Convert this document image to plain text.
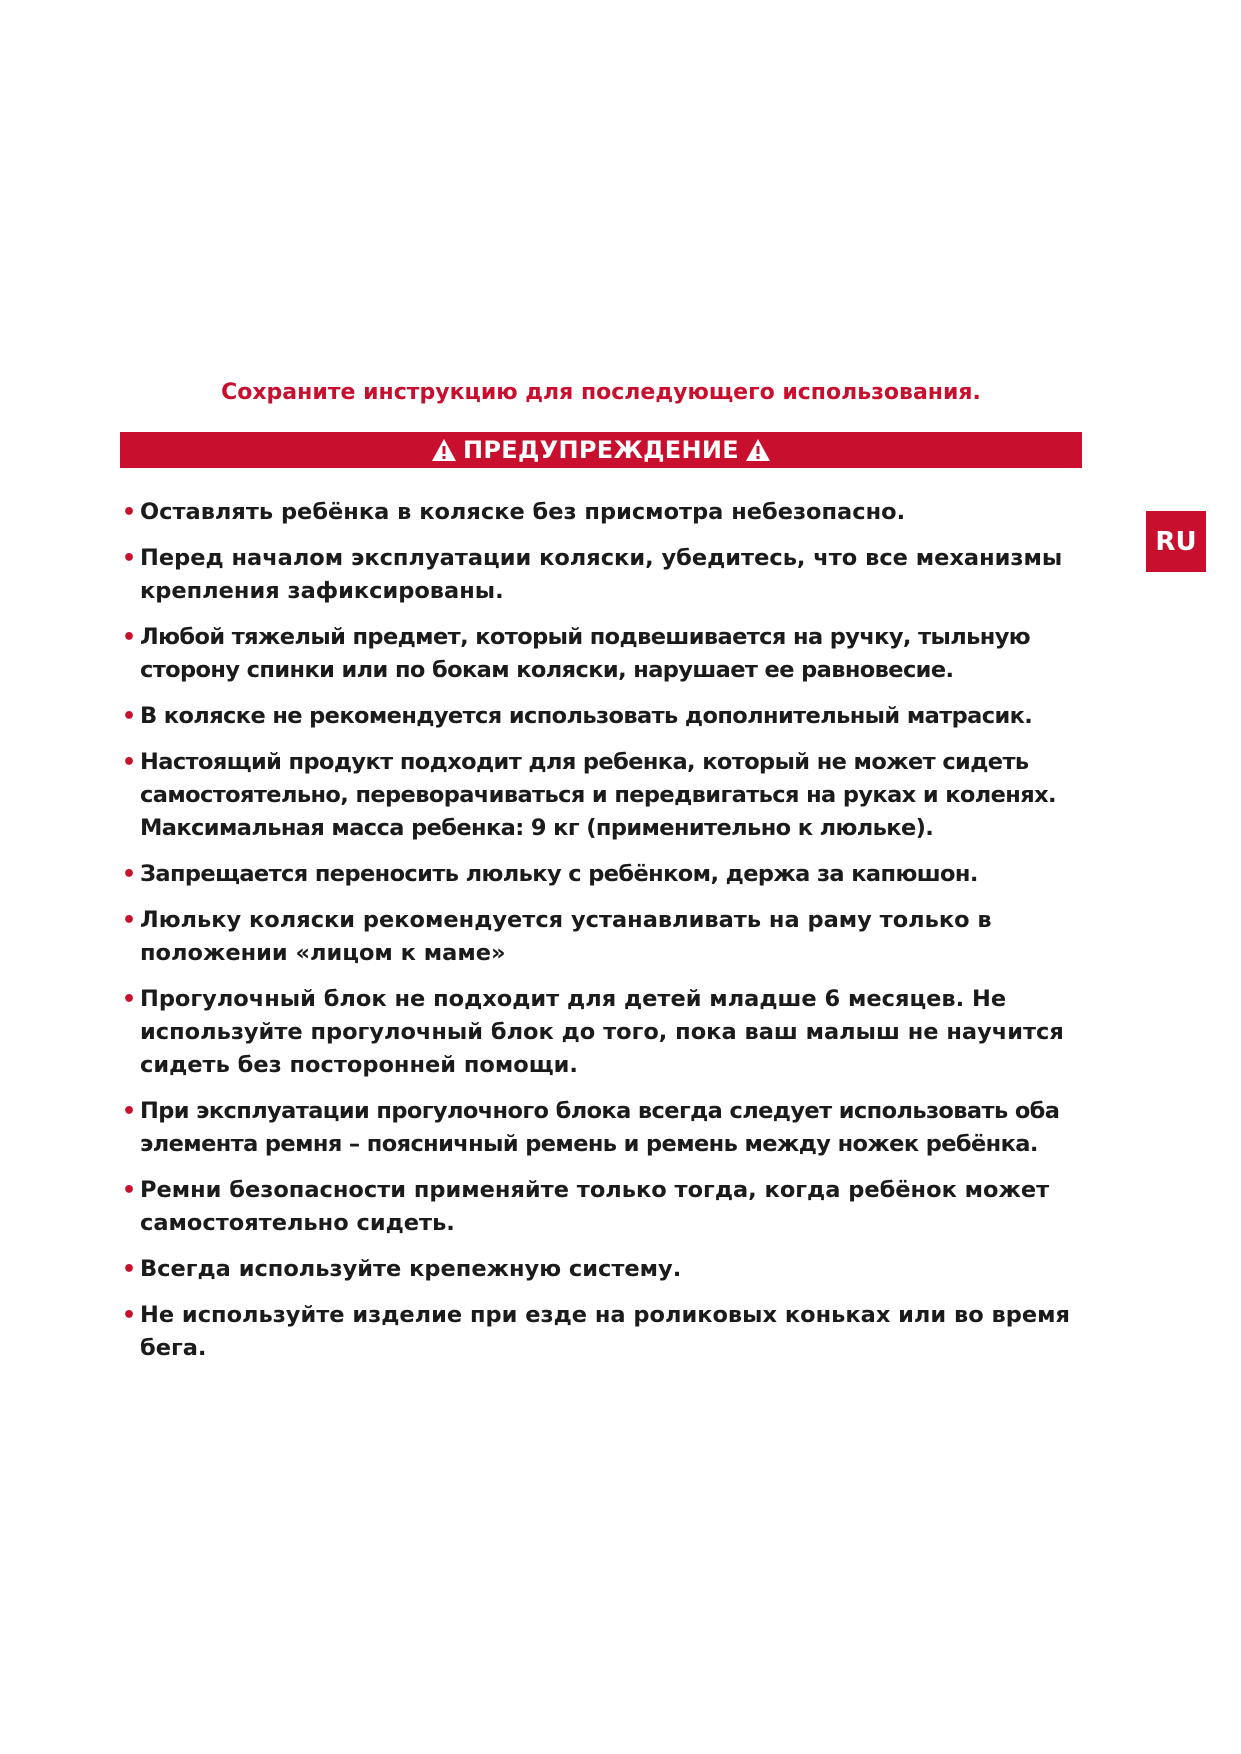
Сохраните инструкцию для последующего использования.
ПРЕДУПРЕЖДЕНИЕ
RU
• Оставлять ребёнка в коляске без присмотра небезопасно.
• Перед началом эксплуатации коляски, убедитесь, что все механизмы крепления зафиксированы.
• Любой тяжелый предмет, который подвешивается на ручку, тыльную сторону спинки или по бокам коляски, нарушает ее равновесие.
• В коляске не рекомендуется использовать дополнительный матрасик.
• Настоящий продукт подходит для ребенка, который не может сидеть самостоятельно, переворачиваться и передвигаться на руках и коленях. Максимальная масса ребенка: 9 кг (применительно к люльке).
• Запрещается переносить люльку с ребёнком, держа за капюшон.
• Люльку коляски рекомендуется устанавливать на раму только в положении «лицом к маме»
• Прогулочный блок не подходит для детей младше 6 месяцев. Не используйте прогулочный блок до того, пока ваш малыш не научится сидеть без посторонней помощи.
• При эксплуатации прогулочного блока всегда следует использовать оба элемента ремня – поясничный ремень и ремень между ножек ребёнка.
• Ремни безопасности применяйте только тогда, когда ребёнок может самостоятельно сидеть.
• Всегда используйте крепежную систему.
• Не используйте изделие при езде на роликовых коньках или во время бега.
